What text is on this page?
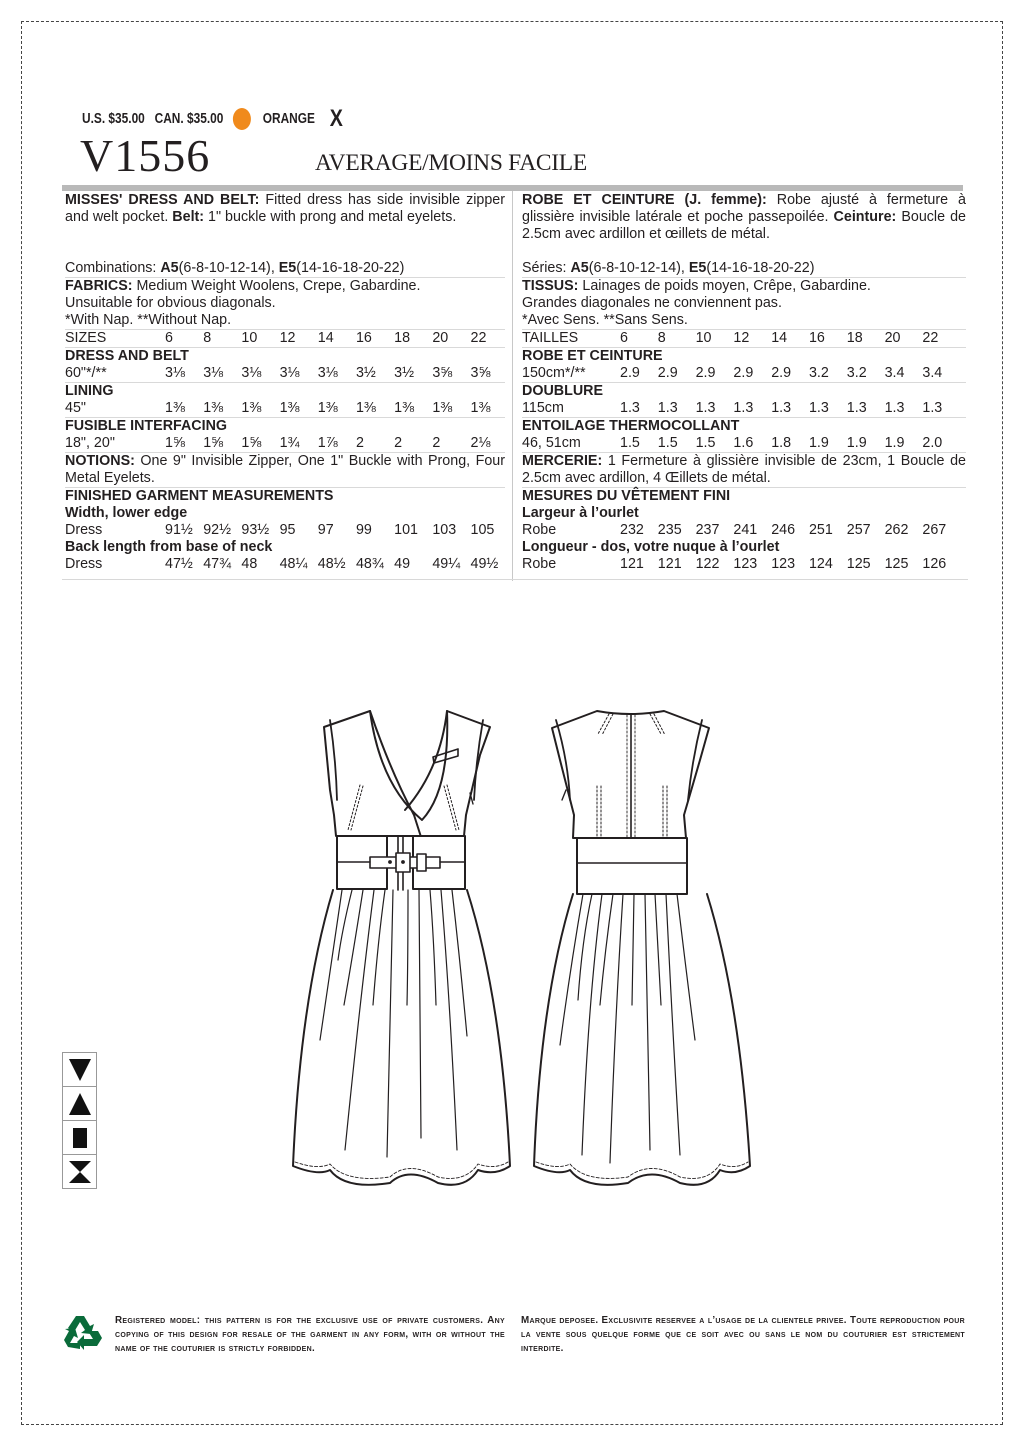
U.S. $35.00 CAN. $35.00	ORANGE X
V1556	AVERAGE/MOINS FACILE
MISSES' DRESS AND BELT: Fitted dress has side invisible zipper and welt pocket. Belt: 1" buckle with prong and metal eyelets.
Combinations: A5(6-8-10-12-14), E5(14-16-18-20-22)
FABRICS: Medium Weight Woolens, Crepe, Gabardine.
Unsuitable for obvious diagonals.
*With Nap. **Without Nap.
SIZES	6	8	10	12	14	16	18	20	22
DRESS AND BELT
60"*/**	3⅛	3⅛	3⅛	3⅛	3⅛	3½	3½	3⅝	3⅝
LINING
45"	1⅜	1⅜	1⅜	1⅜	1⅜	1⅜	1⅜	1⅜	1⅜
FUSIBLE INTERFACING
18", 20"	1⅝	1⅝	1⅝	1¾	1⅞	2	2	2	2⅛
NOTIONS: One 9" Invisible Zipper, One 1" Buckle with Prong, Four Metal Eyelets.
FINISHED GARMENT MEASUREMENTS
Width, lower edge
Dress	91½ 92½ 93½ 95	97	99	101	103	105
Back length from base of neck
Dress	47½ 47¾ 48	48¼ 48½ 48¾ 49	49¼ 49½
ROBE ET CEINTURE (J. femme): Robe ajusté à fermeture à glissière invisible latérale et poche passepoilée. Ceinture: Boucle de 2.5cm avec ardillon et œillets de métal.
Séries: A5(6-8-10-12-14), E5(14-16-18-20-22)
TISSUS: Lainages de poids moyen, Crêpe, Gabardine.
Grandes diagonales ne conviennent pas.
*Avec Sens. **Sans Sens.
TAILLES	6	8	10	12	14	16	18	20	22
ROBE ET CEINTURE
150cm*/**	2.9	2.9	2.9	2.9	2.9	3.2	3.2	3.4	3.4
DOUBLURE
115cm	1.3	1.3	1.3	1.3	1.3	1.3	1.3	1.3	1.3
ENTOILAGE THERMOCOLLANT
46, 51cm	1.5	1.5	1.5	1.6	1.8	1.9	1.9	1.9	2.0
MERCERIE: 1 Fermeture à glissière invisible de 23cm, 1 Boucle de 2.5cm avec ardillon, 4 Œillets de métal.
MESURES DU VÊTEMENT FINI
Largeur à l’ourlet
Robe	232 235 237 241 246 251 257 262 267
Longueur - dos, votre nuque à l’ourlet
Robe	121 121 122 123 123 124 125 125 126
Registered model: this pattern is for the exclusive use of private customers. Any copying of this design for resale of the garment in any form, with or without the name of the couturier is strictly forbidden.
Marque deposee. Exclusivite reservee a l’usage de la clientele privee. Toute reproduction pour la vente sous quelque forme que ce soit avec ou sans le nom du couturier est strictement interdite.
